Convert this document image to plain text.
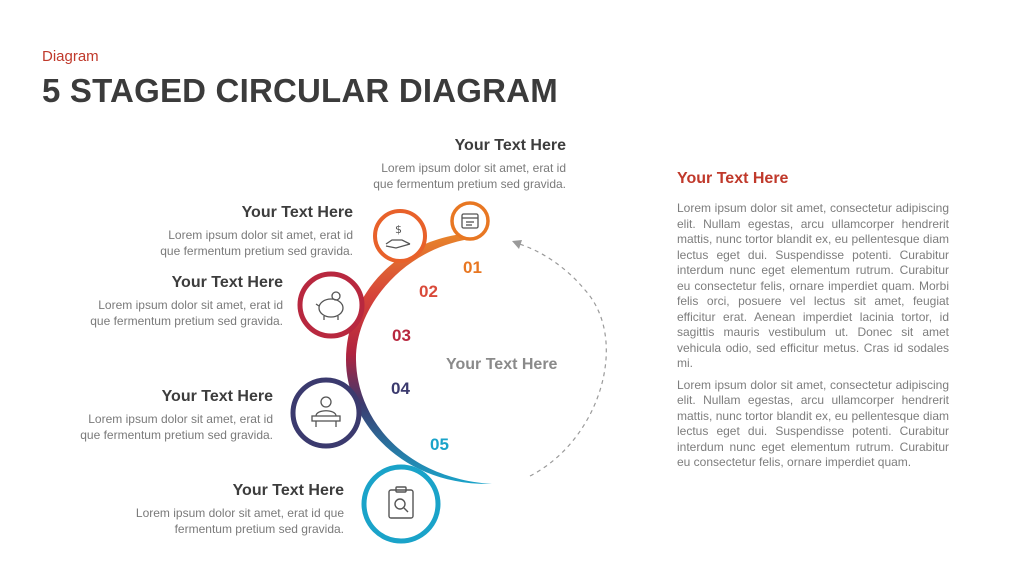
Diagram
5 STAGED CIRCULAR DIAGRAM
$
01
02
03
04
05
Your Text Here
Your Text Here
Lorem ipsum dolor sit amet, erat id
que fermentum pretium sed gravida.
Your Text Here
Lorem ipsum dolor sit amet, erat id
que fermentum pretium sed gravida.
Your Text Here
Lorem ipsum dolor sit amet, erat id
que fermentum pretium sed gravida.
Your Text Here
Lorem ipsum dolor sit amet, erat id
que fermentum pretium sed gravida.
Your Text Here
Lorem ipsum dolor sit amet, erat id que
fermentum pretium sed gravida.
Your Text Here
Lorem ipsum dolor sit amet, consectetur adipiscing elit. Nullam egestas, arcu ullamcorper hendrerit mattis, nunc tortor blandit ex, eu pellentesque diam lectus eget dui. Suspendisse potenti. Curabitur interdum nunc eget elementum rutrum. Curabitur eu consectetur felis, ornare imperdiet quam. Morbi felis orci, posuere vel lectus sit amet, feugiat efficitur erat. Aenean imperdiet lacinia tortor, id sagittis mauris vestibulum ut. Donec sit amet vehicula odio, sed efficitur metus. Cras id sodales mi.
Lorem ipsum dolor sit amet, consectetur adipiscing elit. Nullam egestas, arcu ullamcorper hendrerit mattis, nunc tortor blandit ex, eu pellentesque diam lectus eget dui. Suspendisse potenti. Curabitur interdum nunc eget elementum rutrum. Curabitur eu consectetur felis, ornare imperdiet quam.
